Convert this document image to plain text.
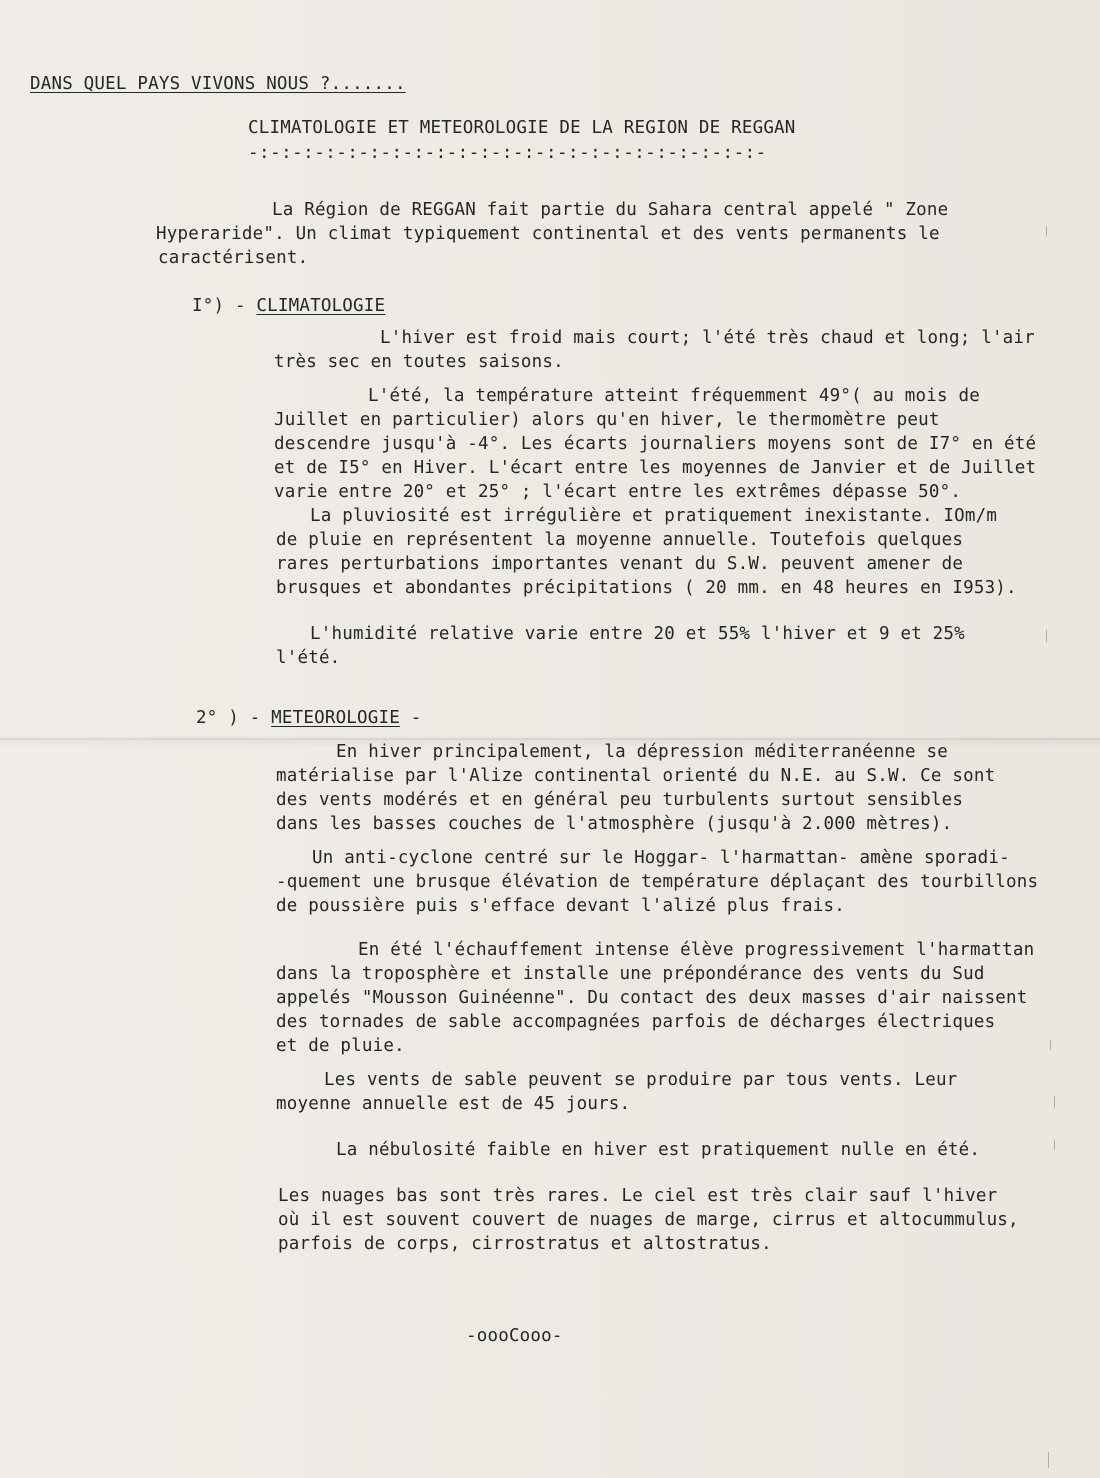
DANS QUEL PAYS VIVONS NOUS ?.......
CLIMATOLOGIE ET METEOROLOGIE DE LA REGION DE REGGAN
-:-:-:-:-:-:-:-:-:-:-:-:-:-:-:-:-:-:-:-:-:-:-:-
La Région de REGGAN fait partie du Sahara central appelé " Zone
Hyperaride". Un climat typiquement continental et des vents permanents le
caractérisent.
I°) - CLIMATOLOGIE
L'hiver est froid mais court; l'été très chaud et long; l'air
très sec en toutes saisons.
L'été, la température atteint fréquemment 49°( au mois de
Juillet en particulier) alors qu'en hiver, le thermomètre peut
descendre jusqu'à -4°. Les écarts journaliers moyens sont de I7° en été
et de I5° en Hiver. L'écart entre les moyennes de Janvier et de Juillet
varie entre 20° et 25° ; l'écart entre les extrêmes dépasse 50°.
La pluviosité est irrégulière et pratiquement inexistante. IOm/m
de pluie en représentent la moyenne annuelle. Toutefois quelques
rares perturbations importantes venant du S.W. peuvent amener de
brusques et abondantes précipitations ( 20 mm. en 48 heures en I953).
L'humidité relative varie entre 20 et 55% l'hiver et 9 et 25%
l'été.
2° ) - METEOROLOGIE -
En hiver principalement, la dépression méditerranéenne se
matérialise par l'Alize continental orienté du N.E. au S.W. Ce sont
des vents modérés et en général peu turbulents surtout sensibles
dans les basses couches de l'atmosphère (jusqu'à 2.000 mètres).
Un anti-cyclone centré sur le Hoggar- l'harmattan- amène sporadi-
-quement une brusque élévation de température déplaçant des tourbillons
de poussière puis s'efface devant l'alizé plus frais.
En été l'échauffement intense élève progressivement l'harmattan
dans la troposphère et installe une prépondérance des vents du Sud
appelés "Mousson Guinéenne". Du contact des deux masses d'air naissent
des tornades de sable accompagnées parfois de décharges électriques
et de pluie.
Les vents de sable peuvent se produire par tous vents. Leur
moyenne annuelle est de 45 jours.
La nébulosité faible en hiver est pratiquement nulle en été.
Les nuages bas sont très rares. Le ciel est très clair sauf l'hiver
où il est souvent couvert de nuages de marge, cirrus et altocummulus,
parfois de corps, cirrostratus et altostratus.
-oooCooo-
